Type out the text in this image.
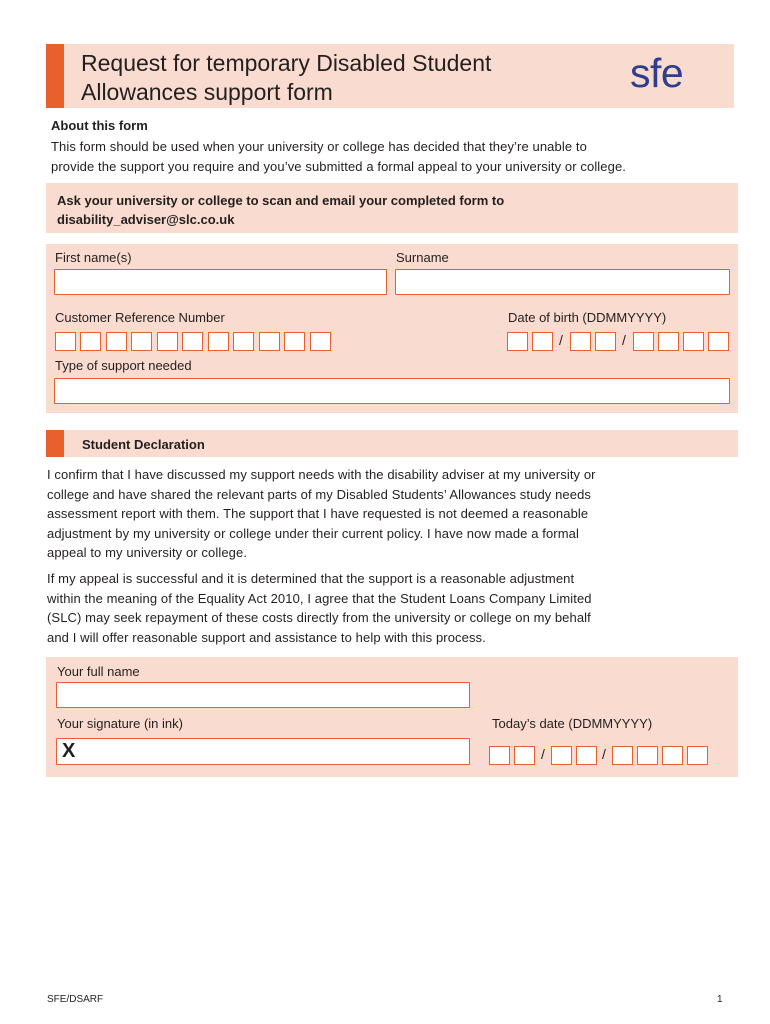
Request for temporary Disabled Student
Allowances support form	sfe
About this form
This form should be used when your university or college has decided that they’re unable to
provide the support you require and you’ve submitted a formal appeal to your university or college.
Ask your university or college to scan and email your completed form to
disability_adviser@slc.co.uk
First name(s)	Surname
Customer Reference Number	Date of birth (DDMMYYYY)
/	/
Type of support needed
Student Declaration
I confirm that I have discussed my support needs with the disability adviser at my university or
college and have shared the relevant parts of my Disabled Students’ Allowances study needs
assessment report with them. The support that I have requested is not deemed a reasonable
adjustment by my university or college under their current policy. I have now made a formal
appeal to my university or college.
If my appeal is successful and it is determined that the support is a reasonable adjustment
within the meaning of the Equality Act 2010, I agree that the Student Loans Company Limited
(SLC) may seek repayment of these costs directly from the university or college on my behalf
and I will offer reasonable support and assistance to help with this process.
Your full name
Your signature (in ink)	Today’s date (DDMMYYYY)
X	/	/
SFE/DSARF	1
